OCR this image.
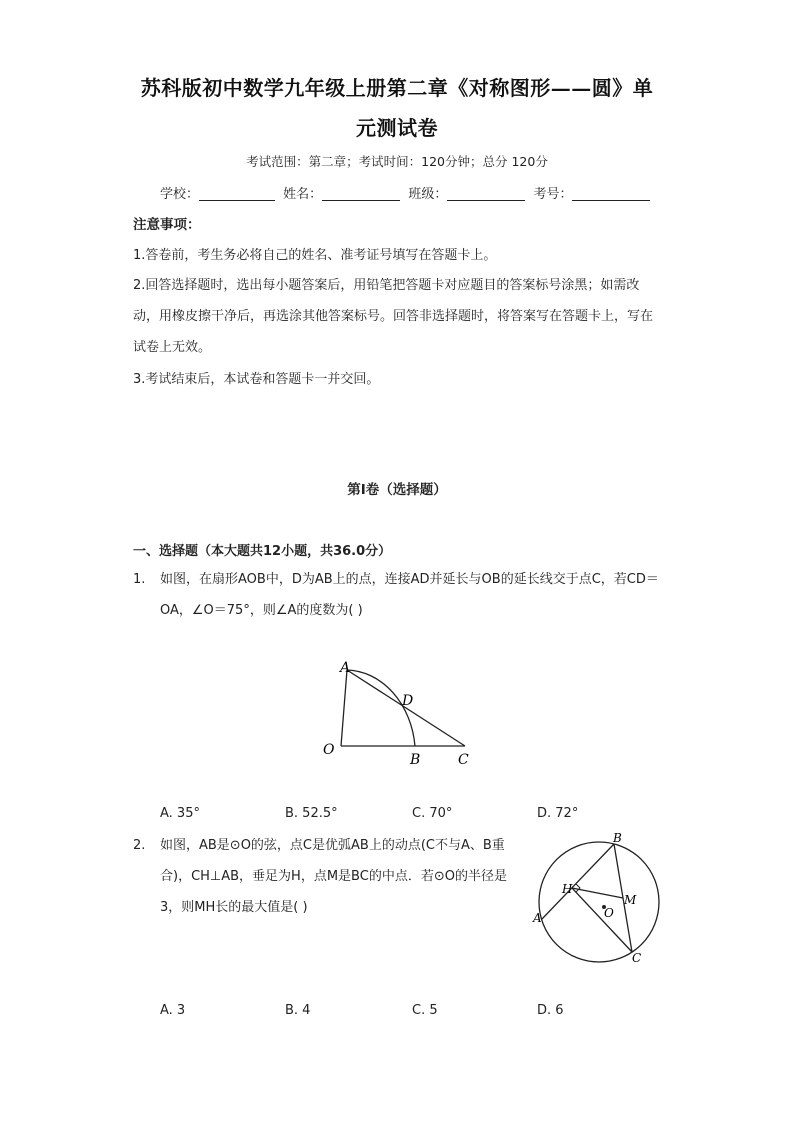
苏科版初中数学九年级上册第二章《对称图形——圆》单
元测试卷
考试范围：第二章；考试时间：120分钟；总分 120分
学校：	姓名：	班级：	考号：
注意事项：
1.答卷前，考生务必将自己的姓名、准考证号填写在答题卡上。
2.回答选择题时，选出每小题答案后，用铅笔把答题卡对应题目的答案标号涂黑；如需改动，用橡皮擦干净后，再选涂其他答案标号。回答非选择题时，将答案写在答题卡上，写在试卷上无效。
3.考试结束后，本试卷和答题卡一并交回。
第Ⅰ卷（选择题）
一、选择题（本大题共12小题，共36.0分）
1. 如图，在扇形AOB中，D为AB上的点，连接AD并延长与OB的延长线交于点C，若CD＝OA，∠O＝75°，则∠A的度数为( )
A
D
O
B	C
A. 35°	B. 52.5°	C. 70°	D. 72°
2. 如图，AB是⊙O的弦，点C是优弧AB上的动点(C不与A、B重合)，CH⊥AB，垂足为H，点M是BC的中点．若⊙O的半径是3，则MH长的最大值是( )
B
H
M
O
A
C
A. 3	B. 4	C. 5	D. 6
